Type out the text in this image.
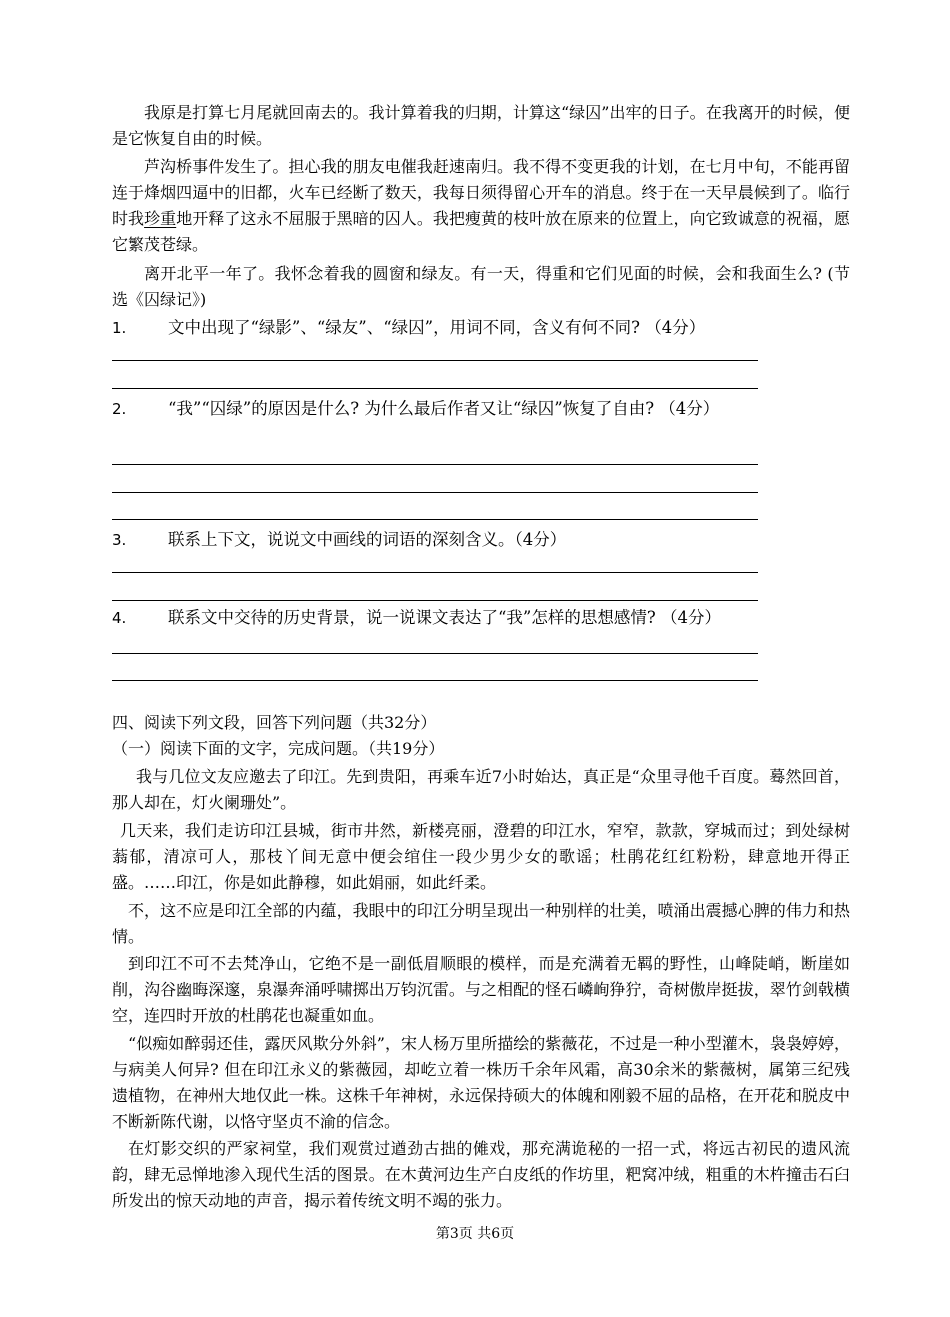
我原是打算七月尾就回南去的。我计算着我的归期，计算这“绿囚”出牢的日子。在我离开的时候，便是它恢复自由的时候。

芦沟桥事件发生了。担心我的朋友电催我赶速南归。我不得不变更我的计划，在七月中旬，不能再留连于烽烟四逼中的旧都，火车已经断了数天，我每日须得留心开车的消息。终于在一天早晨候到了。临行时我珍重地开释了这永不屈服于黑暗的囚人。我把瘦黄的枝叶放在原来的位置上，向它致诚意的祝福，愿它繁茂苍绿。

离开北平一年了。我怀念着我的圆窗和绿友。有一天，得重和它们见面的时候，会和我面生么? (节选《囚绿记》)

1.	文中出现了“绿影”、“绿友”、“绿囚”，用词不同，含义有何不同? （4分）

2.	“我”“囚绿”的原因是什么? 为什么最后作者又让“绿囚”恢复了自由? （4分）

3.	联系上下文，说说文中画线的词语的深刻含义。（4分）

4.	联系文中交待的历史背景，说一说课文表达了“我”怎样的思想感情? （4分）

四、阅读下列文段，回答下列问题（共32分）

（一）阅读下面的文字，完成问题。（共19分）

我与几位文友应邀去了印江。先到贵阳，再乘车近7小时始达，真正是“众里寻他千百度。蓦然回首，那人却在，灯火阑珊处”。

几天来，我们走访印江县城，街市井然，新楼亮丽，澄碧的印江水，窄窄，款款，穿城而过；到处绿树蓊郁，清凉可人，那枝丫间无意中便会绾住一段少男少女的歌谣；杜鹃花红红粉粉，肆意地开得正盛。……印江，你是如此静穆，如此娟丽，如此纤柔。

不，这不应是印江全部的内蕴，我眼中的印江分明呈现出一种别样的壮美，喷涌出震撼心脾的伟力和热情。

到印江不可不去梵净山，它绝不是一副低眉顺眼的模样，而是充满着无羁的野性，山峰陡峭，断崖如削，沟谷幽晦深邃，泉瀑奔涌呼啸掷出万钧沉雷。与之相配的怪石嶙峋狰狞，奇树傲岸挺拔，翠竹剑戟横空，连四时开放的杜鹃花也凝重如血。

“似痴如醉弱还佳，露厌风欺分外斜”，宋人杨万里所描绘的紫薇花，不过是一种小型灌木，袅袅婷婷，与病美人何异? 但在印江永义的紫薇园，却屹立着一株历千余年风霜，高30余米的紫薇树，属第三纪残遗植物，在神州大地仅此一株。这株千年神树，永远保持硕大的体魄和刚毅不屈的品格，在开花和脱皮中不断新陈代谢，以恪守坚贞不渝的信念。

在灯影交织的严家祠堂，我们观赏过遒劲古拙的傩戏，那充满诡秘的一招一式，将远古初民的遗风流韵，肆无忌惮地渗入现代生活的图景。在木黄河边生产白皮纸的作坊里，粑窝冲绒，粗重的木杵撞击石臼所发出的惊天动地的声音，揭示着传统文明不竭的张力。

第3页 共6页
